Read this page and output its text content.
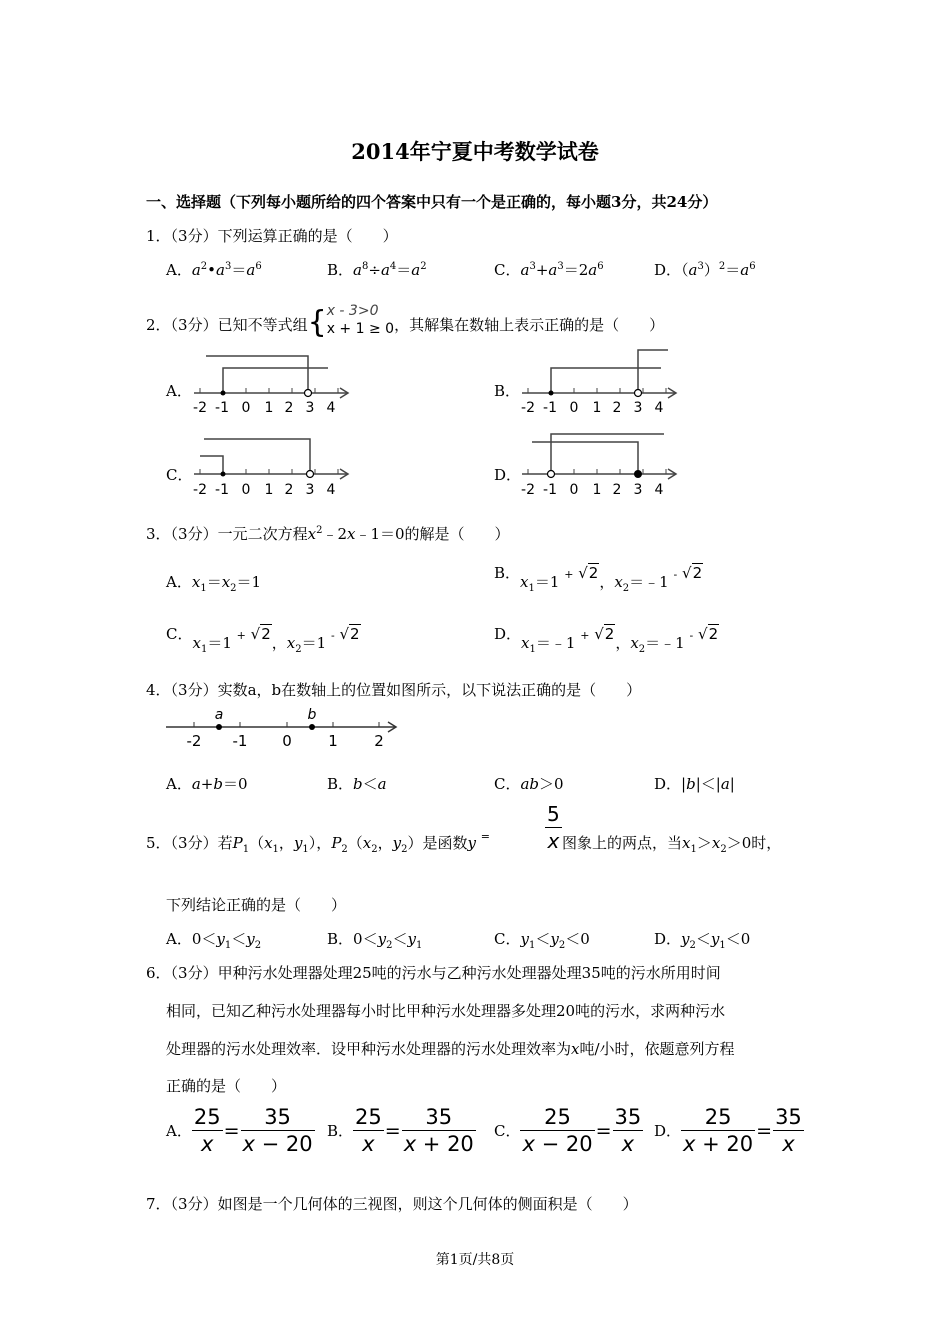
2014年宁夏中考数学试卷
一、选择题（下列每小题所给的四个答案中只有一个是正确的，每小题3分，共24分）
1．（3分）下列运算正确的是（　　）
A．$a^2•a^3=a^6$	B．$a^8\div a^4=a^2$	C．$a^3+a^3=2a^6$	D．$(a^3)^2=a^6$
2．（3分）已知不等式组{ x - 3>0
x + 1 ≥ 0 ，其解集在数轴上表示正确的是（　　）
A．	B．
C．	D．
-2 -1 0 1 2 3 4	-2 -1 0 1 2 3 4
-2 -1 0 1 2 3 4	-2 -1 0 1 2 3 4
3．（3分）一元二次方程$x^2﹣2x﹣1=0$的解是（　　）
A．$x_1=x_2=1$	B．$x_1=1 + √2$，$x_2=﹣1 - √2$
C．$x_1=1 + √2$，$x_2=1 - √2$	D．$x_1=﹣1 + √2$，$x_2=﹣1 - √2$
4．（3分）实数a，b在数轴上的位置如图所示，以下说法正确的是（　　）
a	b
-2 -1 0 1 2
A．a+b＝0	B．b＜a	C．ab＞0	D．|b|＜|a|
5．（3分）若$P_1(x_1$，$y_1$），$P_2(x_2$，$y_2$）是函数y =	$\frac{5}{x}$ 图象上的两点，当$x_1>x_2>0$时，
下列结论正确的是（　　）
A．$0<y_1<y_2$	B．$0<y_2<y_1$	C．$y_1<y_2<0$	D．$y_2<y_1<0$
6．（3分）甲种污水处理器处理25吨的污水与乙种污水处理器处理35吨的污水所用时间
相同，已知乙种污水处理器每小时比甲种污水处理器多处理20吨的污水，求两种污水
处理器的污水处理效率．设甲种污水处理器的污水处理效率为x吨/小时，依题意列方程
正确的是（　　）
A． $\frac{25}{x} = \frac{35}{x - 20}$ B． $\frac{25}{x} = \frac{35}{x + 20}$ C． $\frac{25}{x - 20} = \frac{35}{x}$ D． $\frac{25}{x + 20} = \frac{35}{x}$
7．（3分）如图是一个几何体的三视图，则这个几何体的侧面积是（　　）
第1页/共8页
